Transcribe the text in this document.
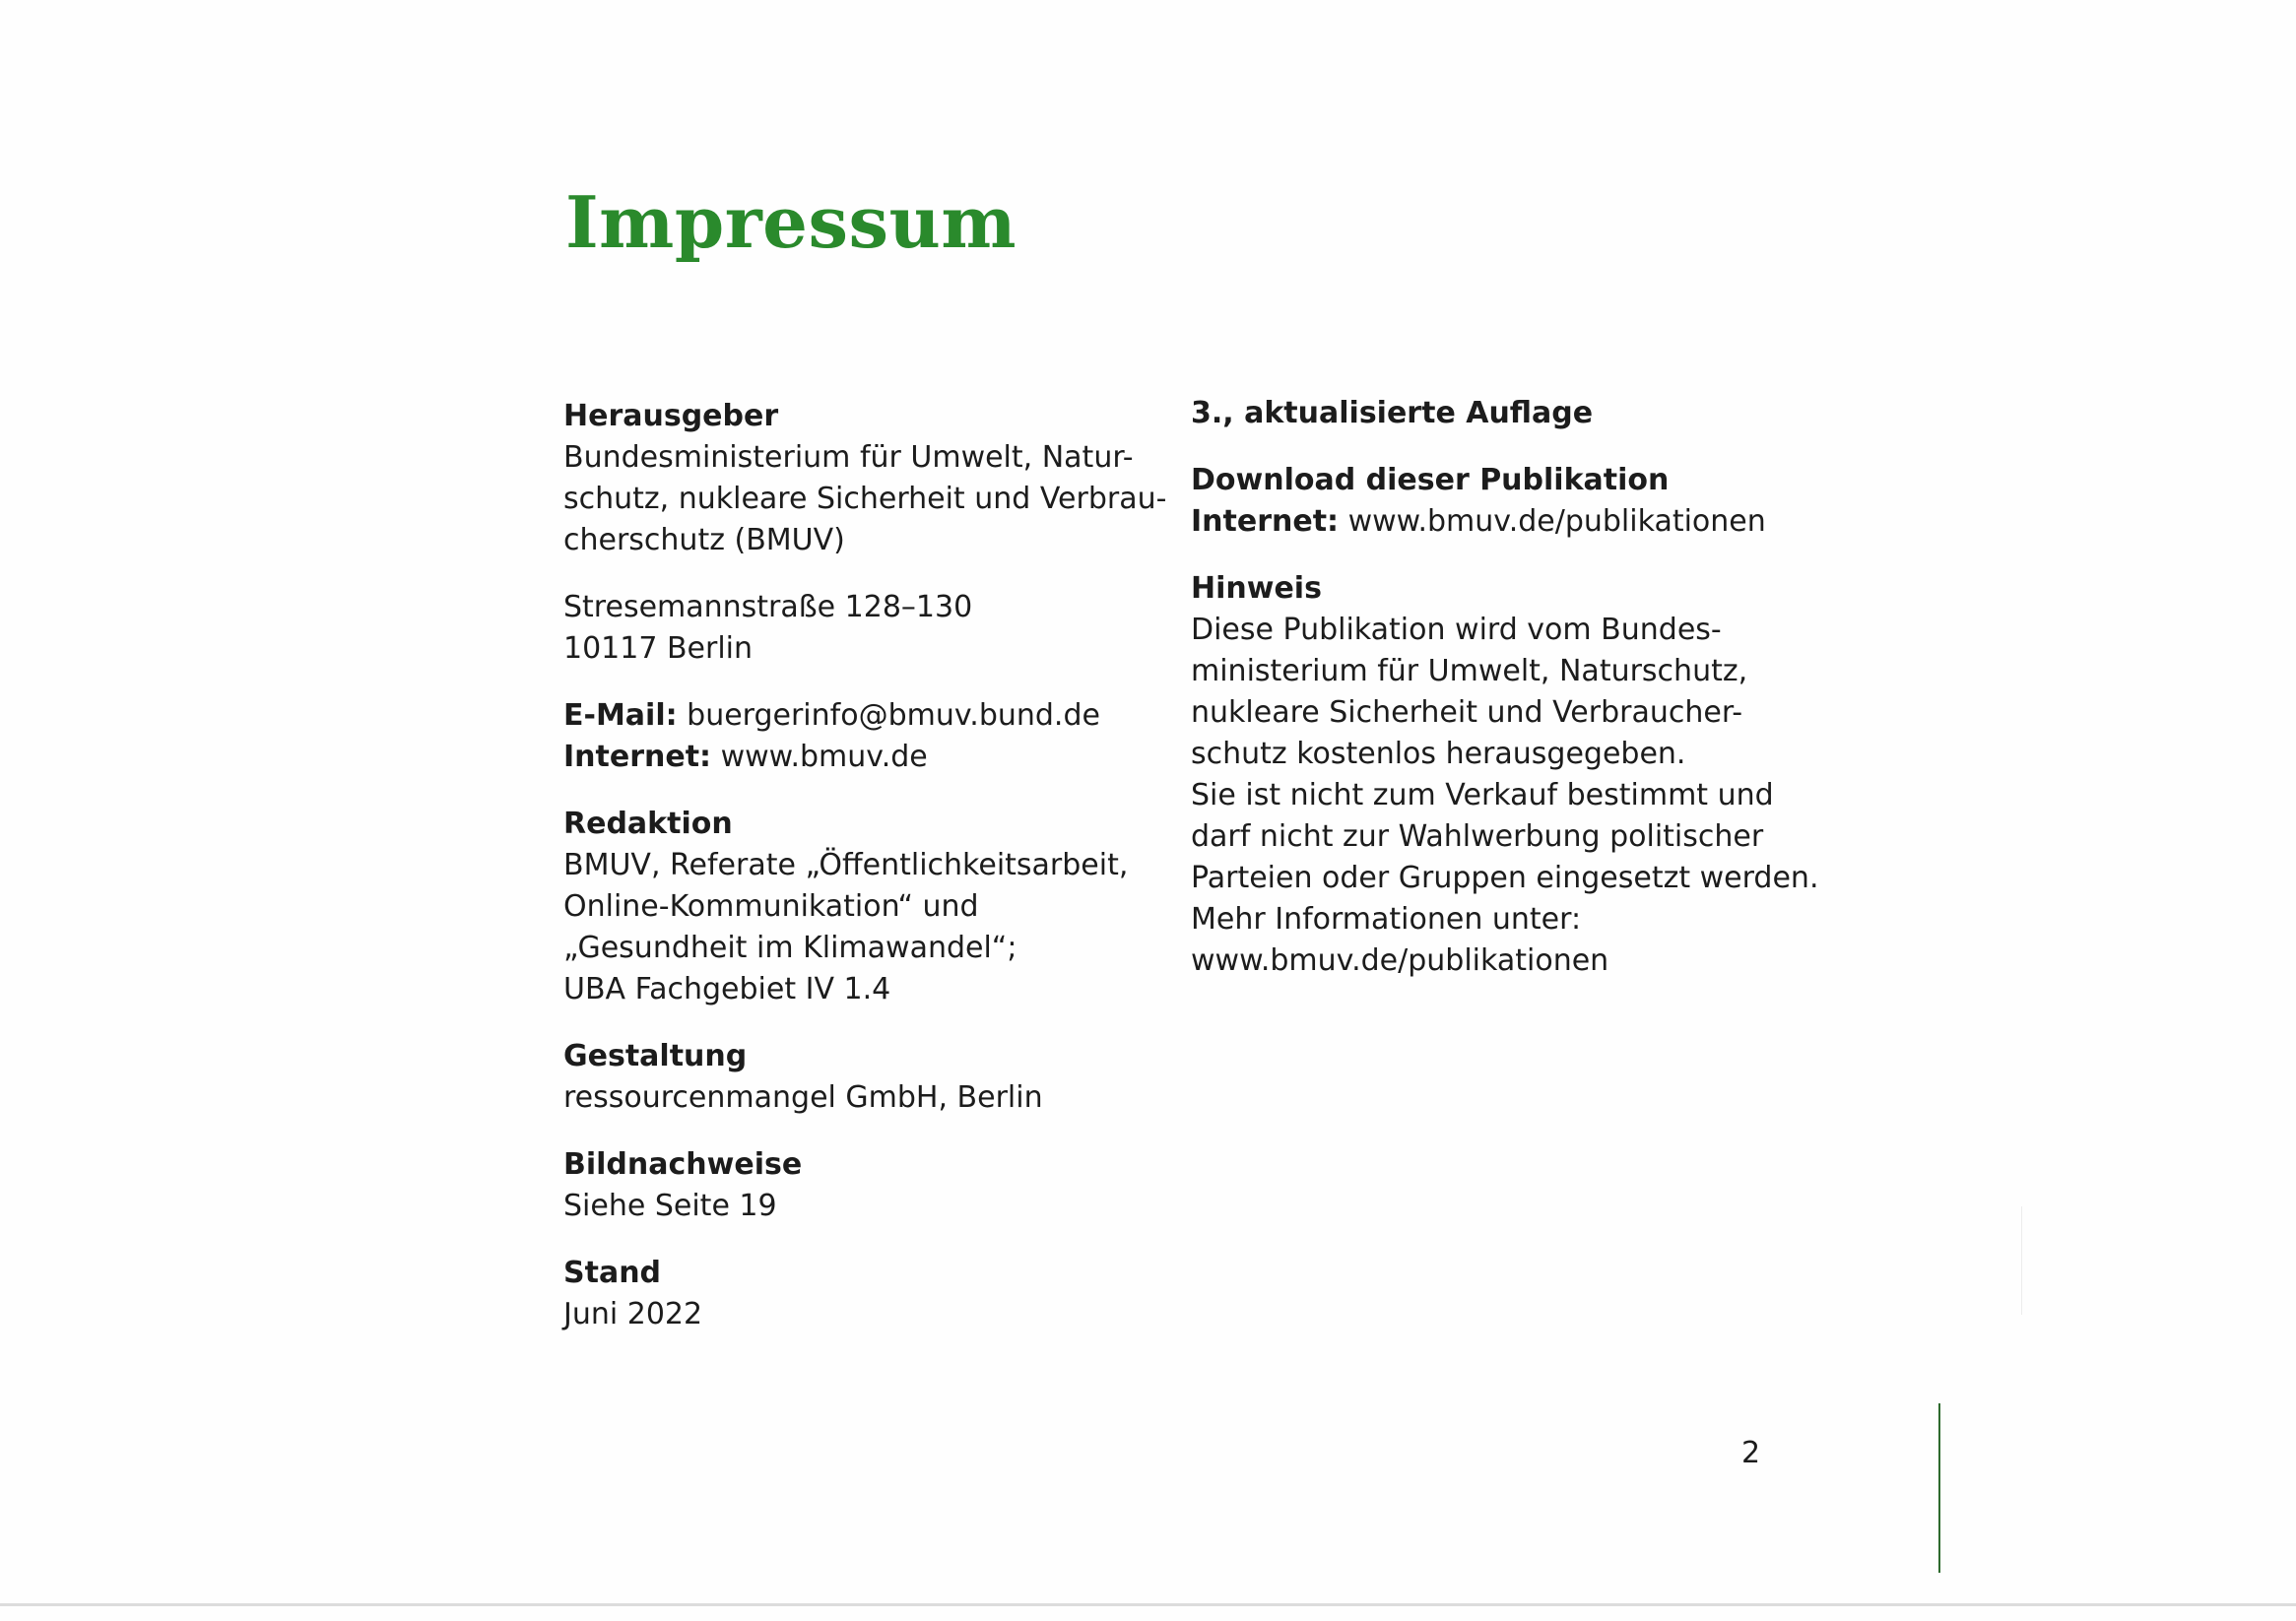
Impressum
Herausgeber
Bundesministerium für Umwelt, Natur-
schutz, nukleare Sicherheit und Verbrau-
cherschutz (BMUV)
Stresemannstraße 128–130
10117 Berlin
E-Mail: buergerinfo@bmuv.bund.de
Internet: www.bmuv.de
Redaktion
BMUV, Referate „Öffentlichkeitsarbeit,
Online-Kommunikation“ und
„Gesundheit im Klimawandel“;
UBA Fachgebiet IV 1.4
Gestaltung
ressourcenmangel GmbH, Berlin
Bildnachweise
Siehe Seite 19
Stand
Juni 2022
3., aktualisierte Auflage
Download dieser Publikation
Internet: www.bmuv.de/publikationen
Hinweis
Diese Publikation wird vom Bundes-
ministerium für Umwelt, Naturschutz,
nukleare Sicherheit und Verbraucher-
schutz kostenlos herausgegeben.
Sie ist nicht zum Verkauf bestimmt und
darf nicht zur Wahlwerbung politischer
Parteien oder Gruppen eingesetzt werden.
Mehr Informationen unter:
www.bmuv.de/publikationen
2
